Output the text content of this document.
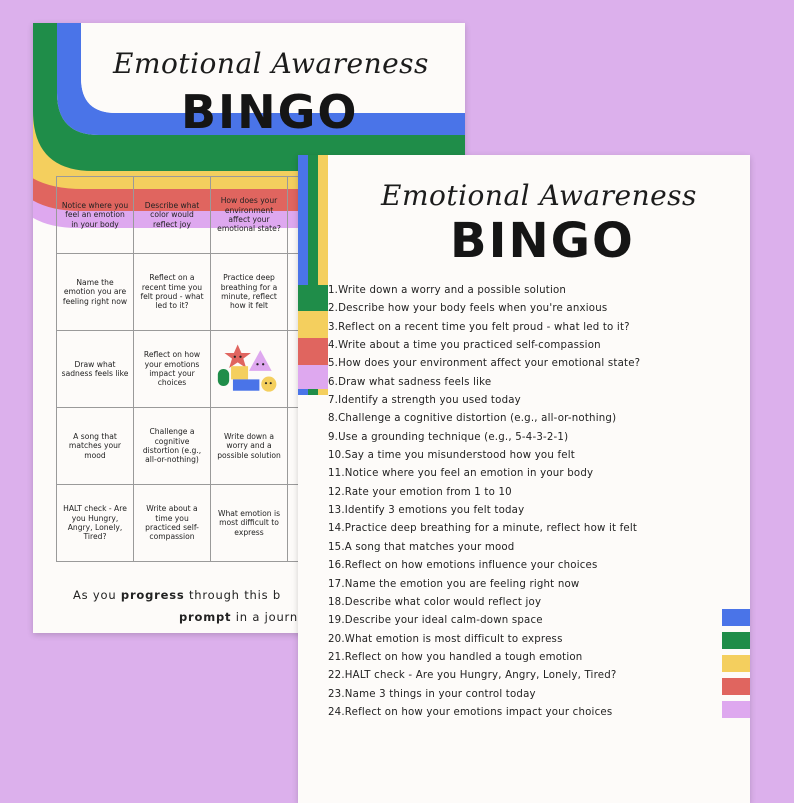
Emotional Awareness
BINGO
Notice where you feel an emotion in your body
Describe what color would reflect joy
How does your environment affect your emotional state?
Name the emotion you are feeling right now
Reflect on a recent time you felt proud - what led to it?
Practice deep breathing for a minute, reflect how it felt
Draw what sadness feels like
Reflect on how your emotions impact your choices
A song that matches your mood
Challenge a cognitive distortion (e.g., all-or-nothing)
Write down a worry and a possible solution
HALT check - Are you Hungry, Angry, Lonely, Tired?
Write about a time you practiced self-compassion
What emotion is most difficult to express
As you progress through this b
prompt in a journ
Emotional Awareness
BINGO
1.Write down a worry and a possible solution
2.Describe how your body feels when you're anxious
3.Reflect on a recent time you felt proud - what led to it?
4.Write about a time you practiced self-compassion
5.How does your environment affect your emotional state?
6.Draw what sadness feels like
7.Identify a strength you used today
8.Challenge a cognitive distortion (e.g., all-or-nothing)
9.Use a grounding technique (e.g., 5-4-3-2-1)
10.Say a time you misunderstood how you felt
11.Notice where you feel an emotion in your body
12.Rate your emotion from 1 to 10
13.Identify 3 emotions you felt today
14.Practice deep breathing for a minute, reflect how it felt
15.A song that matches your mood
16.Reflect on how emotions influence your choices
17.Name the emotion you are feeling right now
18.Describe what color would reflect joy
19.Describe your ideal calm-down space
20.What emotion is most difficult to express
21.Reflect on how you handled a tough emotion
22.HALT check - Are you Hungry, Angry, Lonely, Tired?
23.Name 3 things in your control today
24.Reflect on how your emotions impact your choices
